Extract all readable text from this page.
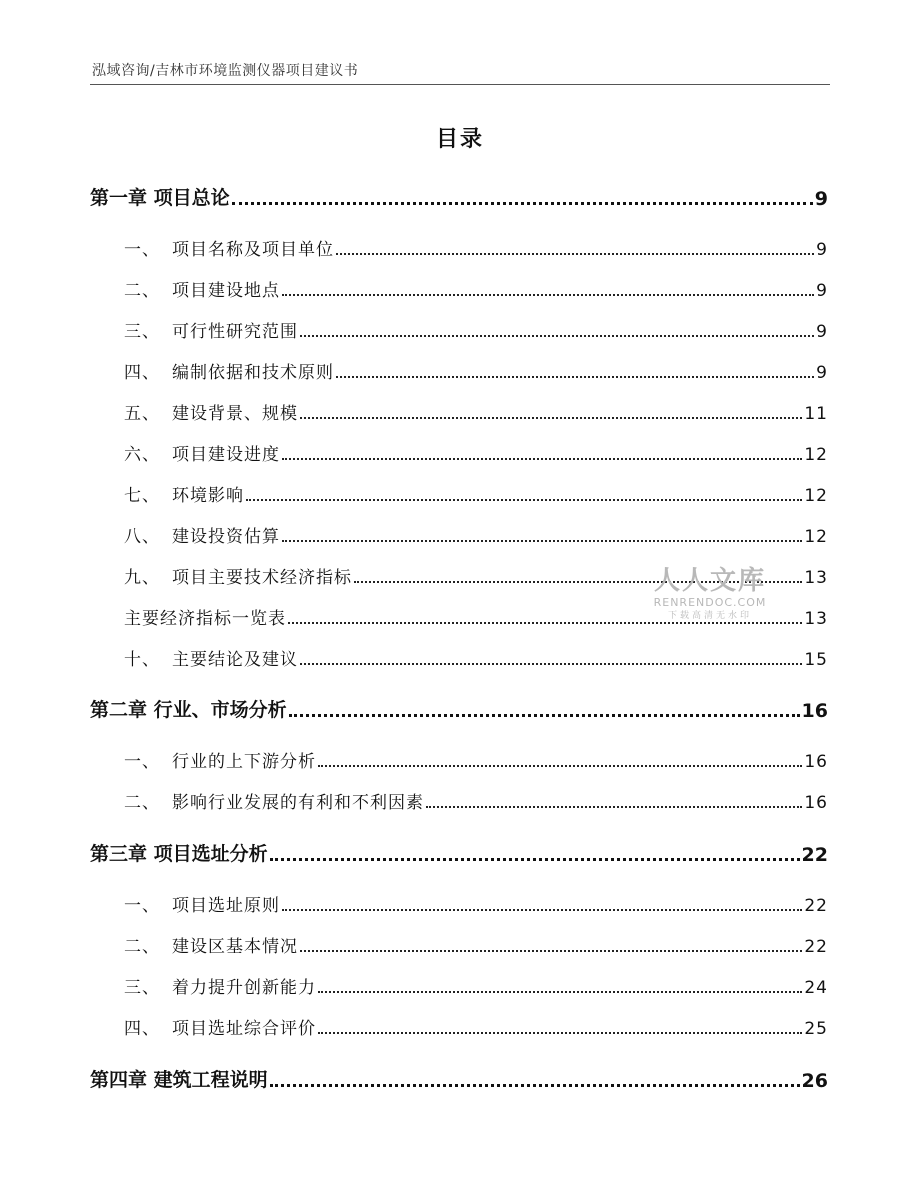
泓域咨询/吉林市环境监测仪器项目建议书
目录
第一章 项目总论	9
一、 项目名称及项目单位	9
二、 项目建设地点	9
三、 可行性研究范围	9
四、 编制依据和技术原则	9
五、 建设背景、规模	11
六、 项目建设进度	12
七、 环境影响	12
八、 建设投资估算	12
九、 项目主要技术经济指标	13
主要经济指标一览表	13
十、 主要结论及建议	15
第二章 行业、市场分析	16
一、 行业的上下游分析	16
二、 影响行业发展的有利和不利因素	16
第三章 项目选址分析	22
一、 项目选址原则	22
二、 建设区基本情况	22
三、 着力提升创新能力	24
四、 项目选址综合评价	25
第四章 建筑工程说明	26
人人文库
RENRENDOC.COM
下载高清无水印
